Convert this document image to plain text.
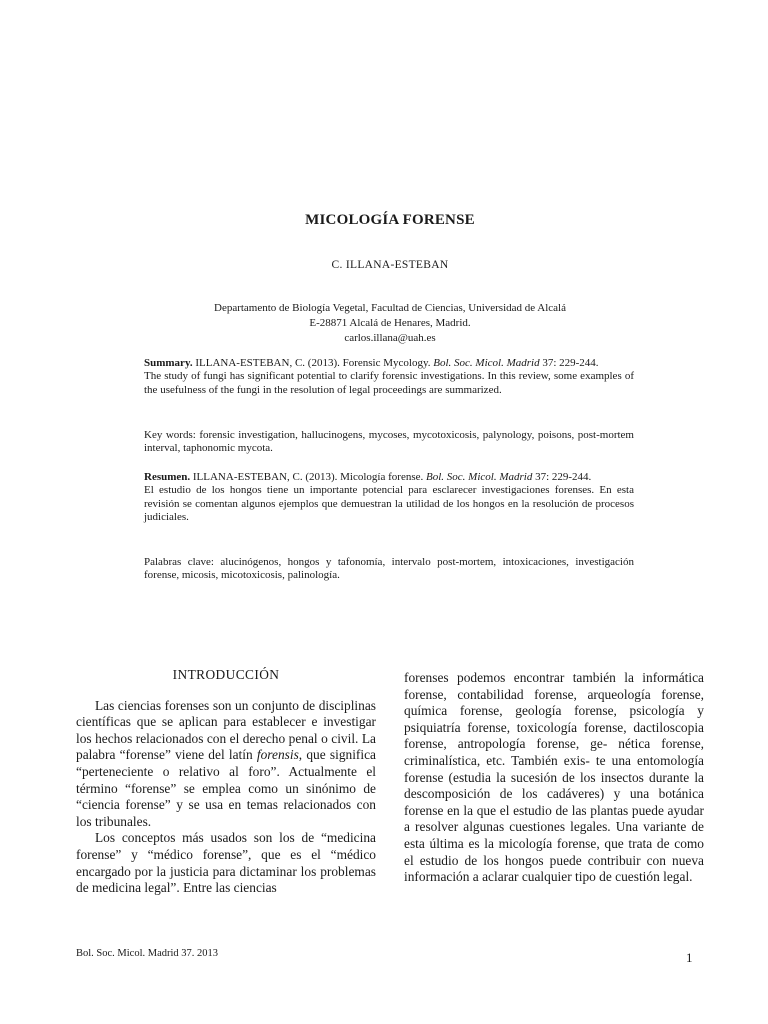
MICOLOGÍA FORENSE
C. ILLANA-ESTEBAN
Departamento de Biología Vegetal, Facultad de Ciencias, Universidad de Alcalá
E-28871 Alcalá de Henares, Madrid.
carlos.illana@uah.es

Summary. ILLANA-ESTEBAN, C. (2013). Forensic Mycology. Bol. Soc. Micol. Madrid 37: 229-244.

The study of fungi has significant potential to clarify forensic investigations. In this review, some examples of the usefulness of the fungi in the resolution of legal proceedings are summarized.

Key words: forensic investigation, hallucinogens, mycoses, mycotoxicosis, palynology, poisons, post-mortem interval, taphonomic mycota.

Resumen. ILLANA-ESTEBAN, C. (2013). Micología forense. Bol. Soc. Micol. Madrid 37: 229-244.

El estudio de los hongos tiene un importante potencial para esclarecer investigaciones forenses. En esta revisión se comentan algunos ejemplos que demuestran la utilidad de los hongos en la resolución de procesos judiciales.

Palabras clave: alucinógenos, hongos y tafonomía, intervalo post-mortem, intoxicaciones, investigación forense, micosis, micotoxicosis, palinología.

INTRODUCCIÓN

Las ciencias forenses son un conjunto de disciplinas científicas que se aplican para establecer e investigar los hechos relacionados con el derecho penal o civil. La palabra “forense” viene del latín forensis, que significa “perteneciente o relativo al foro”. Actualmente el término “forense” se emplea como un sinónimo de “ciencia forense” y se usa en temas relacionados con los tribunales.

Los conceptos más usados son los de “medicina forense” y “médico forense”, que es el “médico encargado por la justicia para dictaminar los problemas de medicina legal”. Entre las ciencias

forenses podemos encontrar también la informática forense, contabilidad forense, arqueología forense, química forense, geología forense, psicología y psiquiatría forense, toxicología forense, dactiloscopia forense, antropología forense, ge- nética forense, criminalística, etc. También exis- te una entomología forense (estudia la sucesión de los insectos durante la descomposición de los cadáveres) y una botánica forense en la que el estudio de las plantas puede ayudar a resolver algunas cuestiones legales. Una variante de esta última es la micología forense, que trata de como el estudio de los hongos puede contribuir con nueva información a aclarar cualquier tipo de cuestión legal.

Bol. Soc. Micol. Madrid 37. 2013	1
